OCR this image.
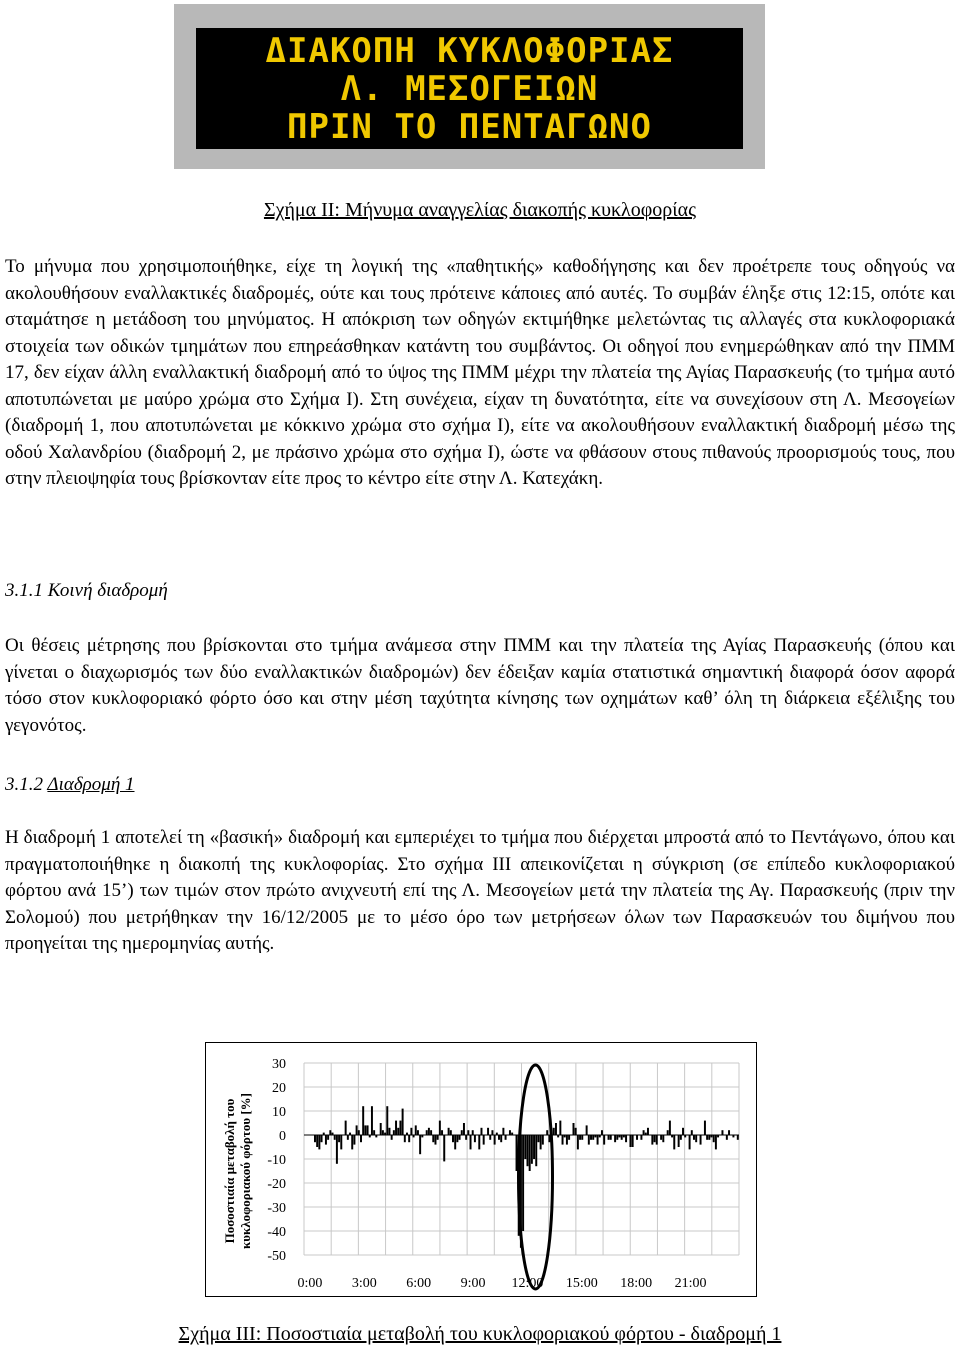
ΔΙΑΚΟΠΗ ΚΥΚΛΟΦΟΡΙΑΣ
Λ. ΜΕΣΟΓΕΙΩΝ
ΠΡΙΝ ΤΟ ΠΕΝΤΑΓΩΝΟ
Σχήμα ΙΙ: Μήνυμα αναγγελίας διακοπής κυκλοφορίας

Το μήνυμα που χρησιμοποιήθηκε, είχε τη λογική της «παθητικής» καθοδήγησης και δεν προέτρεπε τους οδηγούς να ακολουθήσουν εναλλακτικές διαδρομές, ούτε και τους πρότεινε κάποιες από αυτές. Το συμβάν έληξε στις 12:15, οπότε και σταμάτησε η μετάδοση του μηνύματος. Η απόκριση των οδηγών εκτιμήθηκε μελετώντας τις αλλαγές στα κυκλοφοριακά στοιχεία των οδικών τμημάτων που επηρεάσθηκαν κατάντη του συμβάντος. Οι οδηγοί που ενημερώθηκαν από την ΠΜΜ 17, δεν είχαν άλλη εναλλακτική διαδρομή από το ύψος της ΠΜΜ μέχρι την πλατεία της Αγίας Παρασκευής (το τμήμα αυτό αποτυπώνεται με μαύρο χρώμα στο Σχήμα Ι). Στη συνέχεια, είχαν τη δυνατότητα, είτε να συνεχίσουν στη Λ. Μεσογείων (διαδρομή 1, που αποτυπώνεται με κόκκινο χρώμα στο σχήμα Ι), είτε να ακολουθήσουν εναλλακτική διαδρομή μέσω της οδού Χαλανδρίου (διαδρομή 2, με πράσινο χρώμα στο σχήμα Ι), ώστε να φθάσουν στους πιθανούς προορισμούς τους, που στην πλειοψηφία τους βρίσκονταν είτε προς το κέντρο είτε στην Λ. Κατεχάκη.

3.1.1 Κοινή διαδρομή

Οι θέσεις μέτρησης που βρίσκονται στο τμήμα ανάμεσα στην ΠΜΜ και την πλατεία της Αγίας Παρασκευής (όπου και γίνεται ο διαχωρισμός των δύο εναλλακτικών διαδρομών) δεν έδειξαν καμία στατιστικά σημαντική διαφορά όσον αφορά τόσο στον κυκλοφοριακό φόρτο όσο και στην μέση ταχύτητα κίνησης των οχημάτων καθ’ όλη τη διάρκεια εξέλιξης του γεγονότος.

3.1.2 Διαδρομή 1

Η διαδρομή 1 αποτελεί τη «βασική» διαδρομή και εμπεριέχει το τμήμα που διέρχεται μπροστά από το Πεντάγωνο, όπου και πραγματοποιήθηκε η διακοπή της κυκλοφορίας. Στο σχήμα ΙΙΙ απεικονίζεται η σύγκριση (σε επίπεδο κυκλοφοριακού φόρτου ανά 15’) των τιμών στον πρώτο ανιχνευτή επί της Λ. Μεσογείων μετά την πλατεία της Αγ. Παρασκευής (πριν την Σολομού) που μετρήθηκαν την 16/12/2005 με το μέσο όρο των μετρήσεων όλων των Παρασκευών του διμήνου που προηγείται της ημερομηνίας αυτής.

Ποσοστιαία μεταβολή του κυκλοφοριακού φόρτου [%]
30
20
10
0
-10
-20
-30
-40
-50
0:00 3:00 6:00 9:00 12:00 15:00 18:00 21:00
Σχήμα ΙΙΙ: Ποσοστιαία μεταβολή του κυκλοφοριακού φόρτου - διαδρομή 1
